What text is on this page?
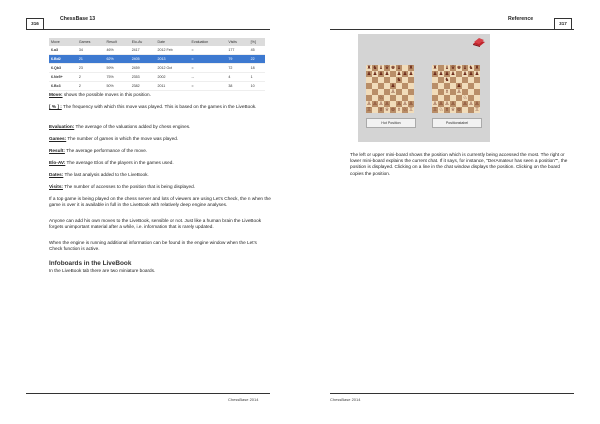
316
ChessBase 13
Move	Games	Result	Elo-Av	Date	Evaluation	Visits	[%]
6.a3	34	46%	2417	2012 Feb	=	177	45
6.Bd2	21	62%	2405	2013	=	79	22
6.Qb3	23	59%	2459	2012 Oct	=	72	18
6.Ne5+	2	75%	2353	2002	--	4	1
6.Bc3	2	50%	2382	2011	=	38	10

Move: shows the possible moves in this position.

[ % ] : The frequency with which this move was played. This is based on the games in the LiveBook.

Evaluation: The average of the valuations added by chess engines.

Games: The number of games in which the move was played.

Result: The average performance of the move.

Elo-AV: The average Elos of the players in the games used.

Dates: The last analysis added to the LiveBook.

Visits: The number of accesses to the position that is being displayed.

If a top game is being played on the chess server and lots of viewers are using Let's Check, the n when the game is over it is available in full in the LiveBook with relatively deep engine analyses.

Anyone can add his own moves to the LiveBook, sensible or not. Just like a human brain the LiveBook forgets unimportant material after a while, i.e. information that is rarely updated.

When the engine is running additional information can be found in the engine window when the Let's Check function is active.

Infoboards in the LiveBook

In the LiveBook tab there are two miniature boards.

ChessBase 2014
Reference
317
ChessBase 2014
♜ ♞ ♝ ♛ ♚ ♝ ♜
♟ ♟ ♟ ♟ ♟ ♟ ♟
♞
♟
♙
♘
♙ ♙ ♙ ♙ ♙ ♙ ♙
♖ ♗ ♕ ♔ ♗ ♘ ♖
♜ ♝ ♛ ♚ ♝ ♞ ♜
♟ ♟ ♟ ♟ ♟ ♟ ♟
♞
♟
♗ ♙
♘
♙ ♙ ♙ ♙ ♙ ♙ ♙
♖ ♘ ♗ ♕ ♔	♖
Hot Position	Positionstabel

The left or upper mini-board shows the position which is currently being accessed the most. The right or lower mini-board explains the current chat. If it says, for instance, "DerAmateur has seen a position"", the position is displayed. Clicking on a line in the chat window displays the position. Clicking on the board copies the position.
